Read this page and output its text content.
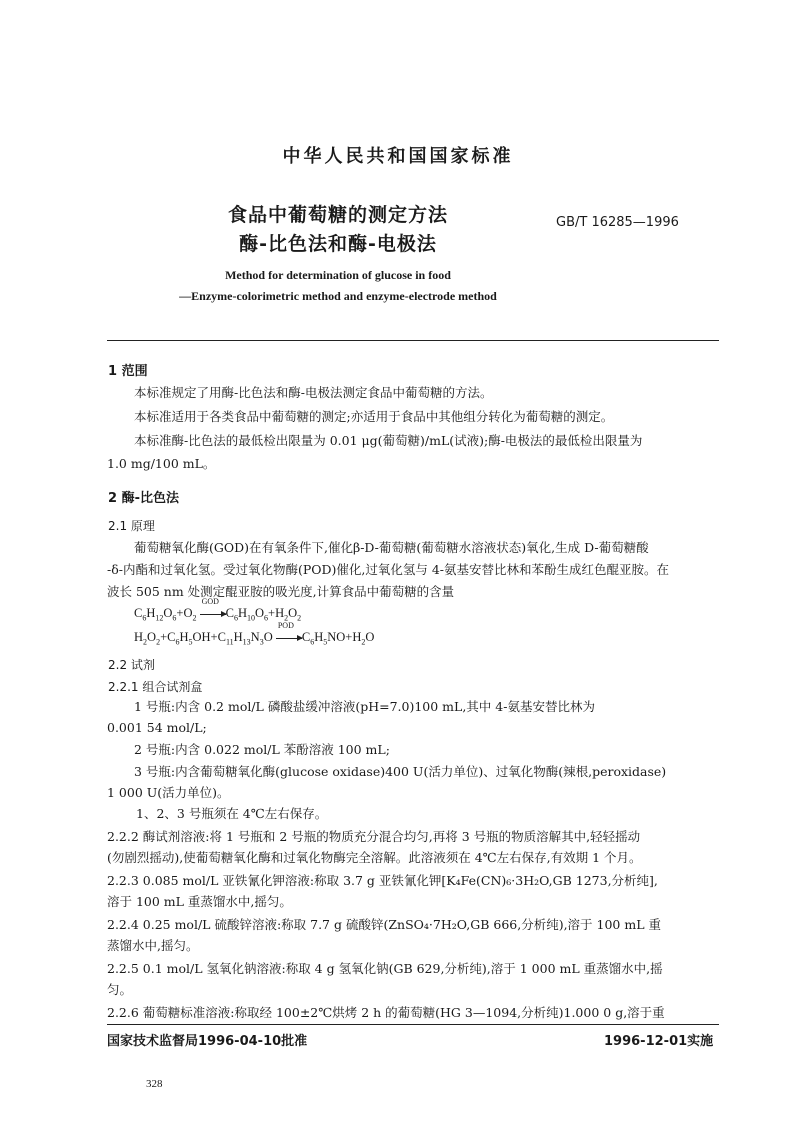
中华人民共和国国家标准
食品中葡萄糖的测定方法
酶-比色法和酶-电极法
GB/T 16285—1996
Method for determination of glucose in food
—Enzyme-colorimetric method and enzyme-electrode method
1 范围
本标准规定了用酶-比色法和酶-电极法测定食品中葡萄糖的方法。
本标准适用于各类食品中葡萄糖的测定;亦适用于食品中其他组分转化为葡萄糖的测定。
本标准酶-比色法的最低检出限量为 0.01 μg(葡萄糖)/mL(试液);酶-电极法的最低检出限量为
1.0 mg/100 mL。
2 酶-比色法
2.1 原理
葡萄糖氧化酶(GOD)在有氧条件下,催化β-D-葡萄糖(葡萄糖水溶液状态)氧化,生成 D-葡萄糖酸
-δ-内酯和过氧化氢。受过氧化物酶(POD)催化,过氧化氢与 4-氨基安替比林和苯酚生成红色醌亚胺。在
波长 505 nm 处测定醌亚胺的吸光度,计算食品中葡萄糖的含量
$C_6H_{12}O_6+O_2$
GOD
$C_6H_{10}O_6+H_2O_2$
$H_2O_2+C_6H_5OH+C_{11}H_{13}N_3O$
POD
$C_6H_5NO+H_2O$
2.2 试剂
2.2.1 组合试剂盒
1 号瓶:内含 0.2 mol/L 磷酸盐缓冲溶液(pH=7.0)100 mL,其中 4-氨基安替比林为
0.001 54 mol/L;
2 号瓶:内含 0.022 mol/L 苯酚溶液 100 mL;
3 号瓶:内含葡萄糖氧化酶(glucose oxidase)400 U(活力单位)、过氧化物酶(辣根,peroxidase)
1 000 U(活力单位)。
1、2、3 号瓶须在 4℃左右保存。
2.2.2 酶试剂溶液:将 1 号瓶和 2 号瓶的物质充分混合均匀,再将 3 号瓶的物质溶解其中,轻轻摇动
(勿剧烈摇动),使葡萄糖氧化酶和过氧化物酶完全溶解。此溶液须在 4℃左右保存,有效期 1 个月。
2.2.3 0.085 mol/L 亚铁氰化钾溶液:称取 3.7 g 亚铁氰化钾[K₄Fe(CN)₆·3H₂O,GB 1273,分析纯],
溶于 100 mL 重蒸馏水中,摇匀。
2.2.4 0.25 mol/L 硫酸锌溶液:称取 7.7 g 硫酸锌(ZnSO₄·7H₂O,GB 666,分析纯),溶于 100 mL 重
蒸馏水中,摇匀。
2.2.5 0.1 mol/L 氢氧化钠溶液:称取 4 g 氢氧化钠(GB 629,分析纯),溶于 1 000 mL 重蒸馏水中,摇
匀。
2.2.6 葡萄糖标准溶液:称取经 100±2℃烘烤 2 h 的葡萄糖(HG 3—1094,分析纯)1.000 0 g,溶于重
国家技术监督局1996-04-10批准	1996-12-01实施
328
